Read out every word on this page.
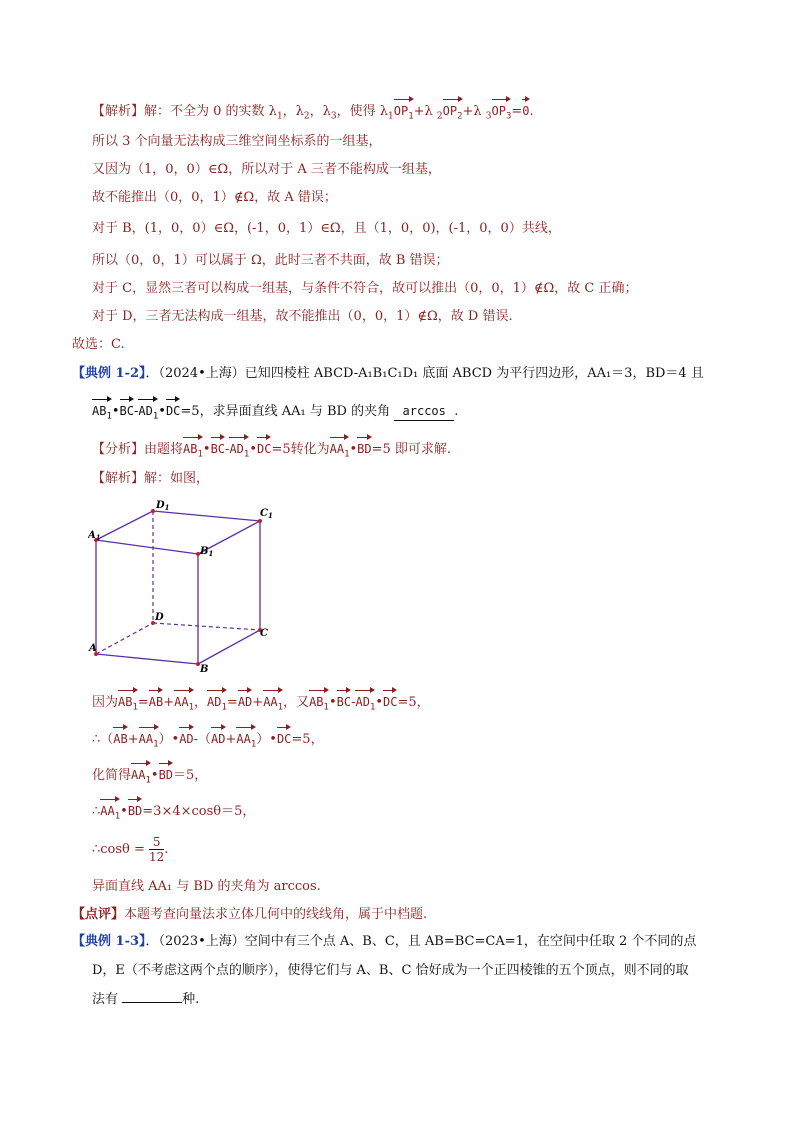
【解析】解：不全为 0 的实数 $\lambda_1$，$\lambda_2$，$\lambda_3$，使得 $\lambda_1OP_1+\lambda$ $_2OP_2+\lambda$ $_3OP_3=0$.
所以 3 个向量无法构成三维空间坐标系的一组基，
又因为（1，0，0）∈Ω，所以对于 A 三者不能构成一组基，
故不能推出（0，0，1）∉Ω，故 A 错误；
对于 B，(1，0，0）∈Ω，(-1，0，1）∈Ω，且（1，0，0)，(-1，0，0）共线，
所以（0，0，1）可以属于 Ω，此时三者不共面，故 B 错误；
对于 C，显然三者可以构成一组基，与条件不符合，故可以推出（0，0，1）∉Ω，故 C 正确；
对于 D，三者无法构成一组基，故不能推出（0，0，1）∉Ω，故 D 错误.
故选：C.
【典例 1-2】．（2024•上海）已知四棱柱 ABCD-A₁B₁C₁D₁ 底面 ABCD 为平行四边形，AA₁＝3，BD＝4 且
$AB_1•BC-AD_1•DC=5$，求异面直线 AA₁ 与 BD 的夹角 arccos .
【分析】由题将$AB_1•BC-AD_1•DC=5$转化为$AA_1•BD=5$ 即可求解.
【解析】解：如图，
$D_1$
$C_1$
$A_1$
$B_1$
D
C
A
B
因为$AB_1=AB+AA_1$，$AD_1=AD+AA_1$，又$AB_1•BC-AD_1•DC=5$，
$\therefore(AB+AA_1)•AD-(AD+AA_1)•DC=5$，
化简得$AA_1•BD=5$，
$\therefore AA_1•BD=3\times 4\times\cos\theta=5$，
∴cosθ = $\frac{5}{12}$ .
异面直线 AA₁ 与 BD 的夹角为 arccos.
【点评】本题考查向量法求立体几何中的线线角，属于中档题.
【典例 1-3】．（2023•上海）空间中有三个点 A、B、C，且 AB=BC=CA=1，在空间中任取 2 个不同的点
D，E（不考虑这两个点的顺序），使得它们与 A、B、C 恰好成为一个正四棱锥的五个顶点，则不同的取
法有	种.
